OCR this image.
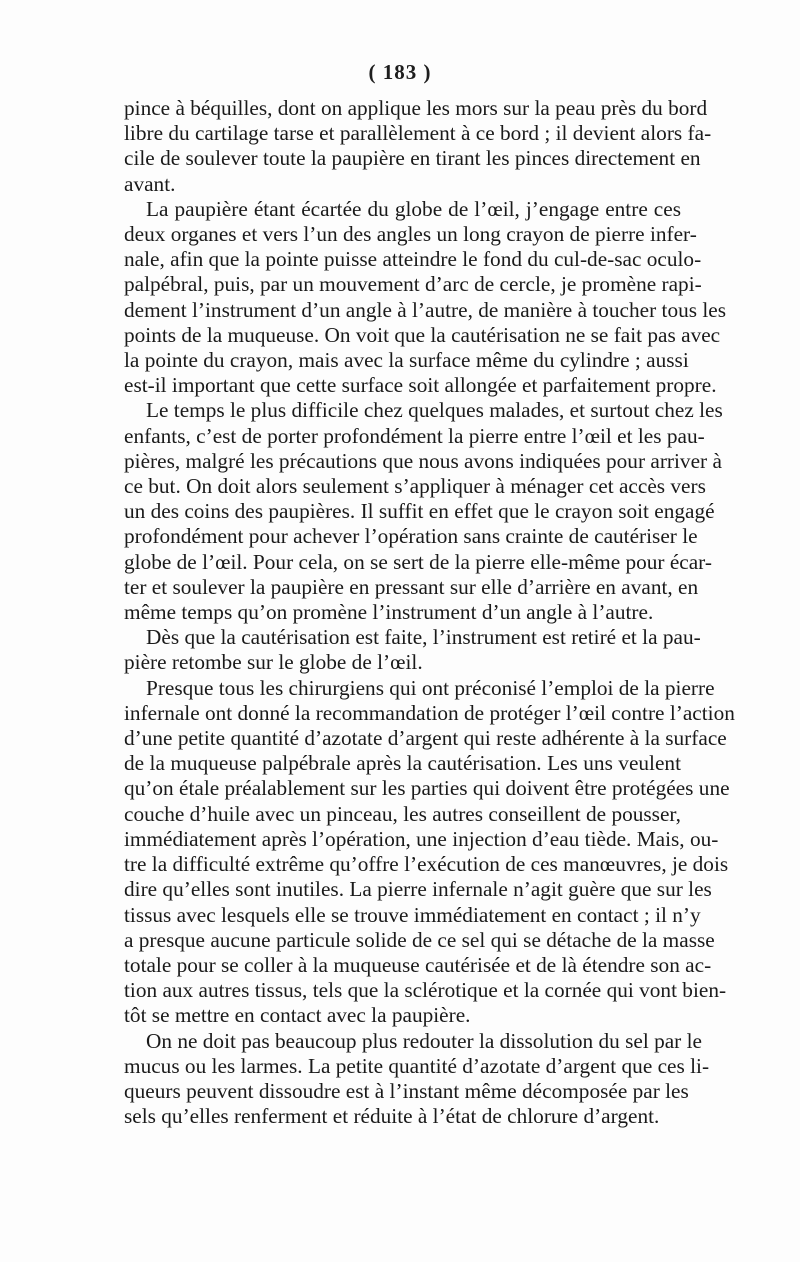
( 183 )

pince à béquilles, dont on applique les mors sur la peau près du bord
libre du cartilage tarse et parallèlement à ce bord ; il devient alors fa-
cile de soulever toute la paupière en tirant les pinces directement en
avant.

La paupière étant écartée du globe de l’œil, j’engage entre ces
deux organes et vers l’un des angles un long crayon de pierre infer-
nale, afin que la pointe puisse atteindre le fond du cul-de-sac oculo-
palpébral, puis, par un mouvement d’arc de cercle, je promène rapi-
dement l’instrument d’un angle à l’autre, de manière à toucher tous les
points de la muqueuse. On voit que la cautérisation ne se fait pas avec
la pointe du crayon, mais avec la surface même du cylindre ; aussi
est-il important que cette surface soit allongée et parfaitement propre.

Le temps le plus difficile chez quelques malades, et surtout chez les
enfants, c’est de porter profondément la pierre entre l’œil et les pau-
pières, malgré les précautions que nous avons indiquées pour arriver à
ce but. On doit alors seulement s’appliquer à ménager cet accès vers
un des coins des paupières. Il suffit en effet que le crayon soit engagé
profondément pour achever l’opération sans crainte de cautériser le
globe de l’œil. Pour cela, on se sert de la pierre elle-même pour écar-
ter et soulever la paupière en pressant sur elle d’arrière en avant, en
même temps qu’on promène l’instrument d’un angle à l’autre.

Dès que la cautérisation est faite, l’instrument est retiré et la pau-
pière retombe sur le globe de l’œil.

Presque tous les chirurgiens qui ont préconisé l’emploi de la pierre
infernale ont donné la recommandation de protéger l’œil contre l’action
d’une petite quantité d’azotate d’argent qui reste adhérente à la surface
de la muqueuse palpébrale après la cautérisation. Les uns veulent
qu’on étale préalablement sur les parties qui doivent être protégées une
couche d’huile avec un pinceau, les autres conseillent de pousser,
immédiatement après l’opération, une injection d’eau tiède. Mais, ou-
tre la difficulté extrême qu’offre l’exécution de ces manœuvres, je dois
dire qu’elles sont inutiles. La pierre infernale n’agit guère que sur les
tissus avec lesquels elle se trouve immédiatement en contact ; il n’y
a presque aucune particule solide de ce sel qui se détache de la masse
totale pour se coller à la muqueuse cautérisée et de là étendre son ac-
tion aux autres tissus, tels que la sclérotique et la cornée qui vont bien-
tôt se mettre en contact avec la paupière.

On ne doit pas beaucoup plus redouter la dissolution du sel par le
mucus ou les larmes. La petite quantité d’azotate d’argent que ces li-
queurs peuvent dissoudre est à l’instant même décomposée par les
sels qu’elles renferment et réduite à l’état de chlorure d’argent.
